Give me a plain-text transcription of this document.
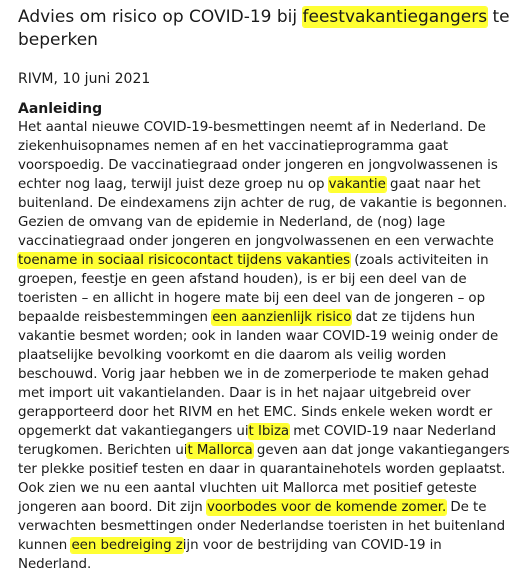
Advies om risico op COVID-19 bij feestvakantiegangers te
beperken
RIVM, 10 juni 2021
Aanleiding
Het aantal nieuwe COVID-19-besmettingen neemt af in Nederland. De
ziekenhuisopnames nemen af en het vaccinatieprogramma gaat
voorspoedig. De vaccinatiegraad onder jongeren en jongvolwassenen is
echter nog laag, terwijl juist deze groep nu op vakantie gaat naar het
buitenland. De eindexamens zijn achter de rug, de vakantie is begonnen.
Gezien de omvang van de epidemie in Nederland, de (nog) lage
vaccinatiegraad onder jongeren en jongvolwassenen en een verwachte
toename in sociaal risicocontact tijdens vakanties (zoals activiteiten in
groepen, feestje en geen afstand houden), is er bij een deel van de
toeristen – en allicht in hogere mate bij een deel van de jongeren – op
bepaalde reisbestemmingen een aanzienlijk risico dat ze tijdens hun
vakantie besmet worden; ook in landen waar COVID-19 weinig onder de
plaatselijke bevolking voorkomt en die daarom als veilig worden
beschouwd. Vorig jaar hebben we in de zomerperiode te maken gehad
met import uit vakantielanden. Daar is in het najaar uitgebreid over
gerapporteerd door het RIVM en het EMC. Sinds enkele weken wordt er
opgemerkt dat vakantiegangers uit Ibiza met COVID-19 naar Nederland
terugkomen. Berichten uit Mallorca geven aan dat jonge vakantiegangers
ter plekke positief testen en daar in quarantainehotels worden geplaatst.
Ook zien we nu een aantal vluchten uit Mallorca met positief geteste
jongeren aan boord. Dit zijn voorbodes voor de komende zomer. De te
verwachten besmettingen onder Nederlandse toeristen in het buitenland
kunnen een bedreiging zijn voor de bestrijding van COVID-19 in
Nederland.
